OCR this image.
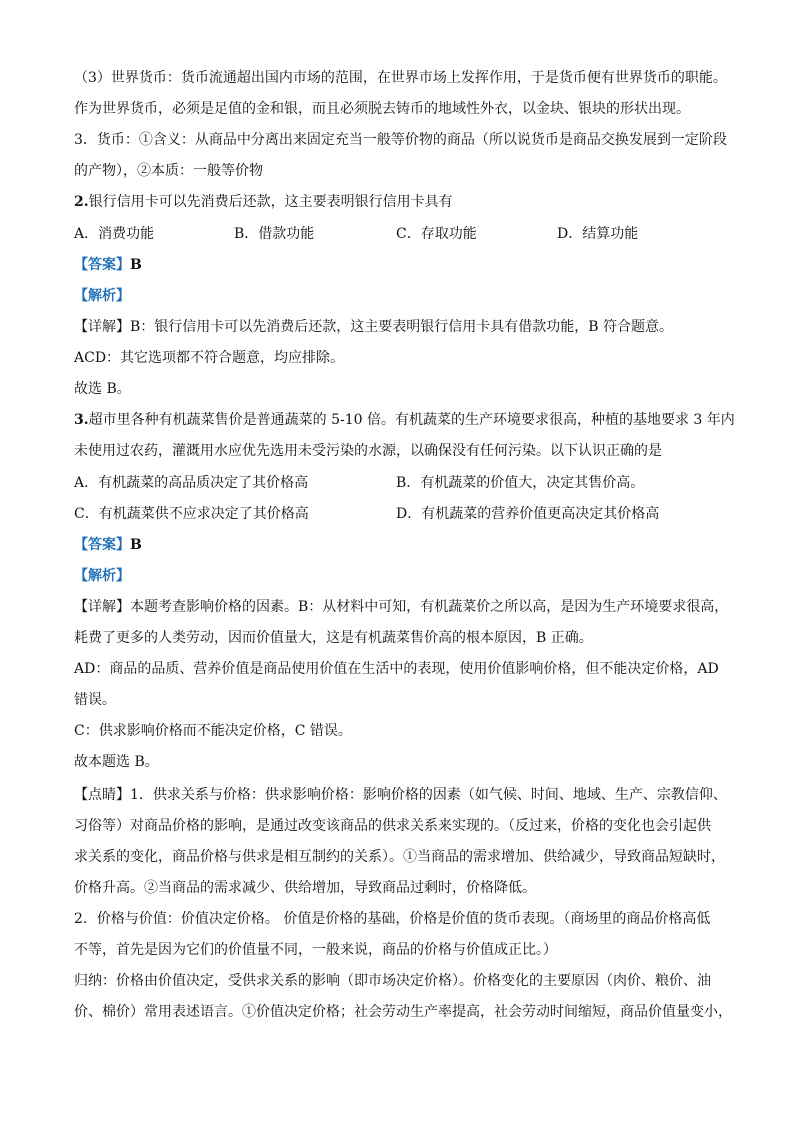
（3）世界货币：货币流通超出国内市场的范围，在世界市场上发挥作用，于是货币便有世界货币的职能。
作为世界货币，必须是足值的金和银，而且必须脱去铸币的地域性外衣，以金块、银块的形状出现。
3．货币：①含义：从商品中分离出来固定充当一般等价物的商品（所以说货币是商品交换发展到一定阶段
的产物），②本质：一般等价物
2.银行信用卡可以先消费后还款，这主要表明银行信用卡具有
A．消费功能	B．借款功能	C．存取功能	D．结算功能
【答案】B
【解析】
【详解】B：银行信用卡可以先消费后还款，这主要表明银行信用卡具有借款功能，B 符合题意。
ACD：其它选项都不符合题意，均应排除。
故选 B。
3.超市里各种有机蔬菜售价是普通蔬菜的 5-10 倍。有机蔬菜的生产环境要求很高，种植的基地要求 3 年内
未使用过农药，灌溉用水应优先选用未受污染的水源，以确保没有任何污染。以下认识正确的是
A．有机蔬菜的高品质决定了其价格高	B．有机蔬菜的价值大，决定其售价高。
C．有机蔬菜供不应求决定了其价格高	D．有机蔬菜的营养价值更高决定其价格高
【答案】B
【解析】
【详解】本题考查影响价格的因素。B：从材料中可知，有机蔬菜价之所以高，是因为生产环境要求很高，
耗费了更多的人类劳动，因而价值量大，这是有机蔬菜售价高的根本原因，B 正确。
AD：商品的品质、营养价值是商品使用价值在生活中的表现，使用价值影响价格，但不能决定价格，AD
错误。
C：供求影响价格而不能决定价格，C 错误。
故本题选 B。
【点睛】1．供求关系与价格：供求影响价格：影响价格的因素（如气候、时间、地域、生产、宗教信仰、
习俗等）对商品价格的影响，是通过改变该商品的供求关系来实现的。（反过来，价格的变化也会引起供
求关系的变化，商品价格与供求是相互制约的关系）。①当商品的需求增加、供给减少，导致商品短缺时，
价格升高。②当商品的需求减少、供给增加，导致商品过剩时，价格降低。
2．价格与价值：价值决定价格。 价值是价格的基础，价格是价值的货币表现。（商场里的商品价格高低
不等，首先是因为它们的价值量不同，一般来说，商品的价格与价值成正比。）
归纳：价格由价值决定，受供求关系的影响（即市场决定价格）。价格变化的主要原因（肉价、粮价、油
价、棉价）常用表述语言。①价值决定价格；社会劳动生产率提高，社会劳动时间缩短，商品价值量变小，
